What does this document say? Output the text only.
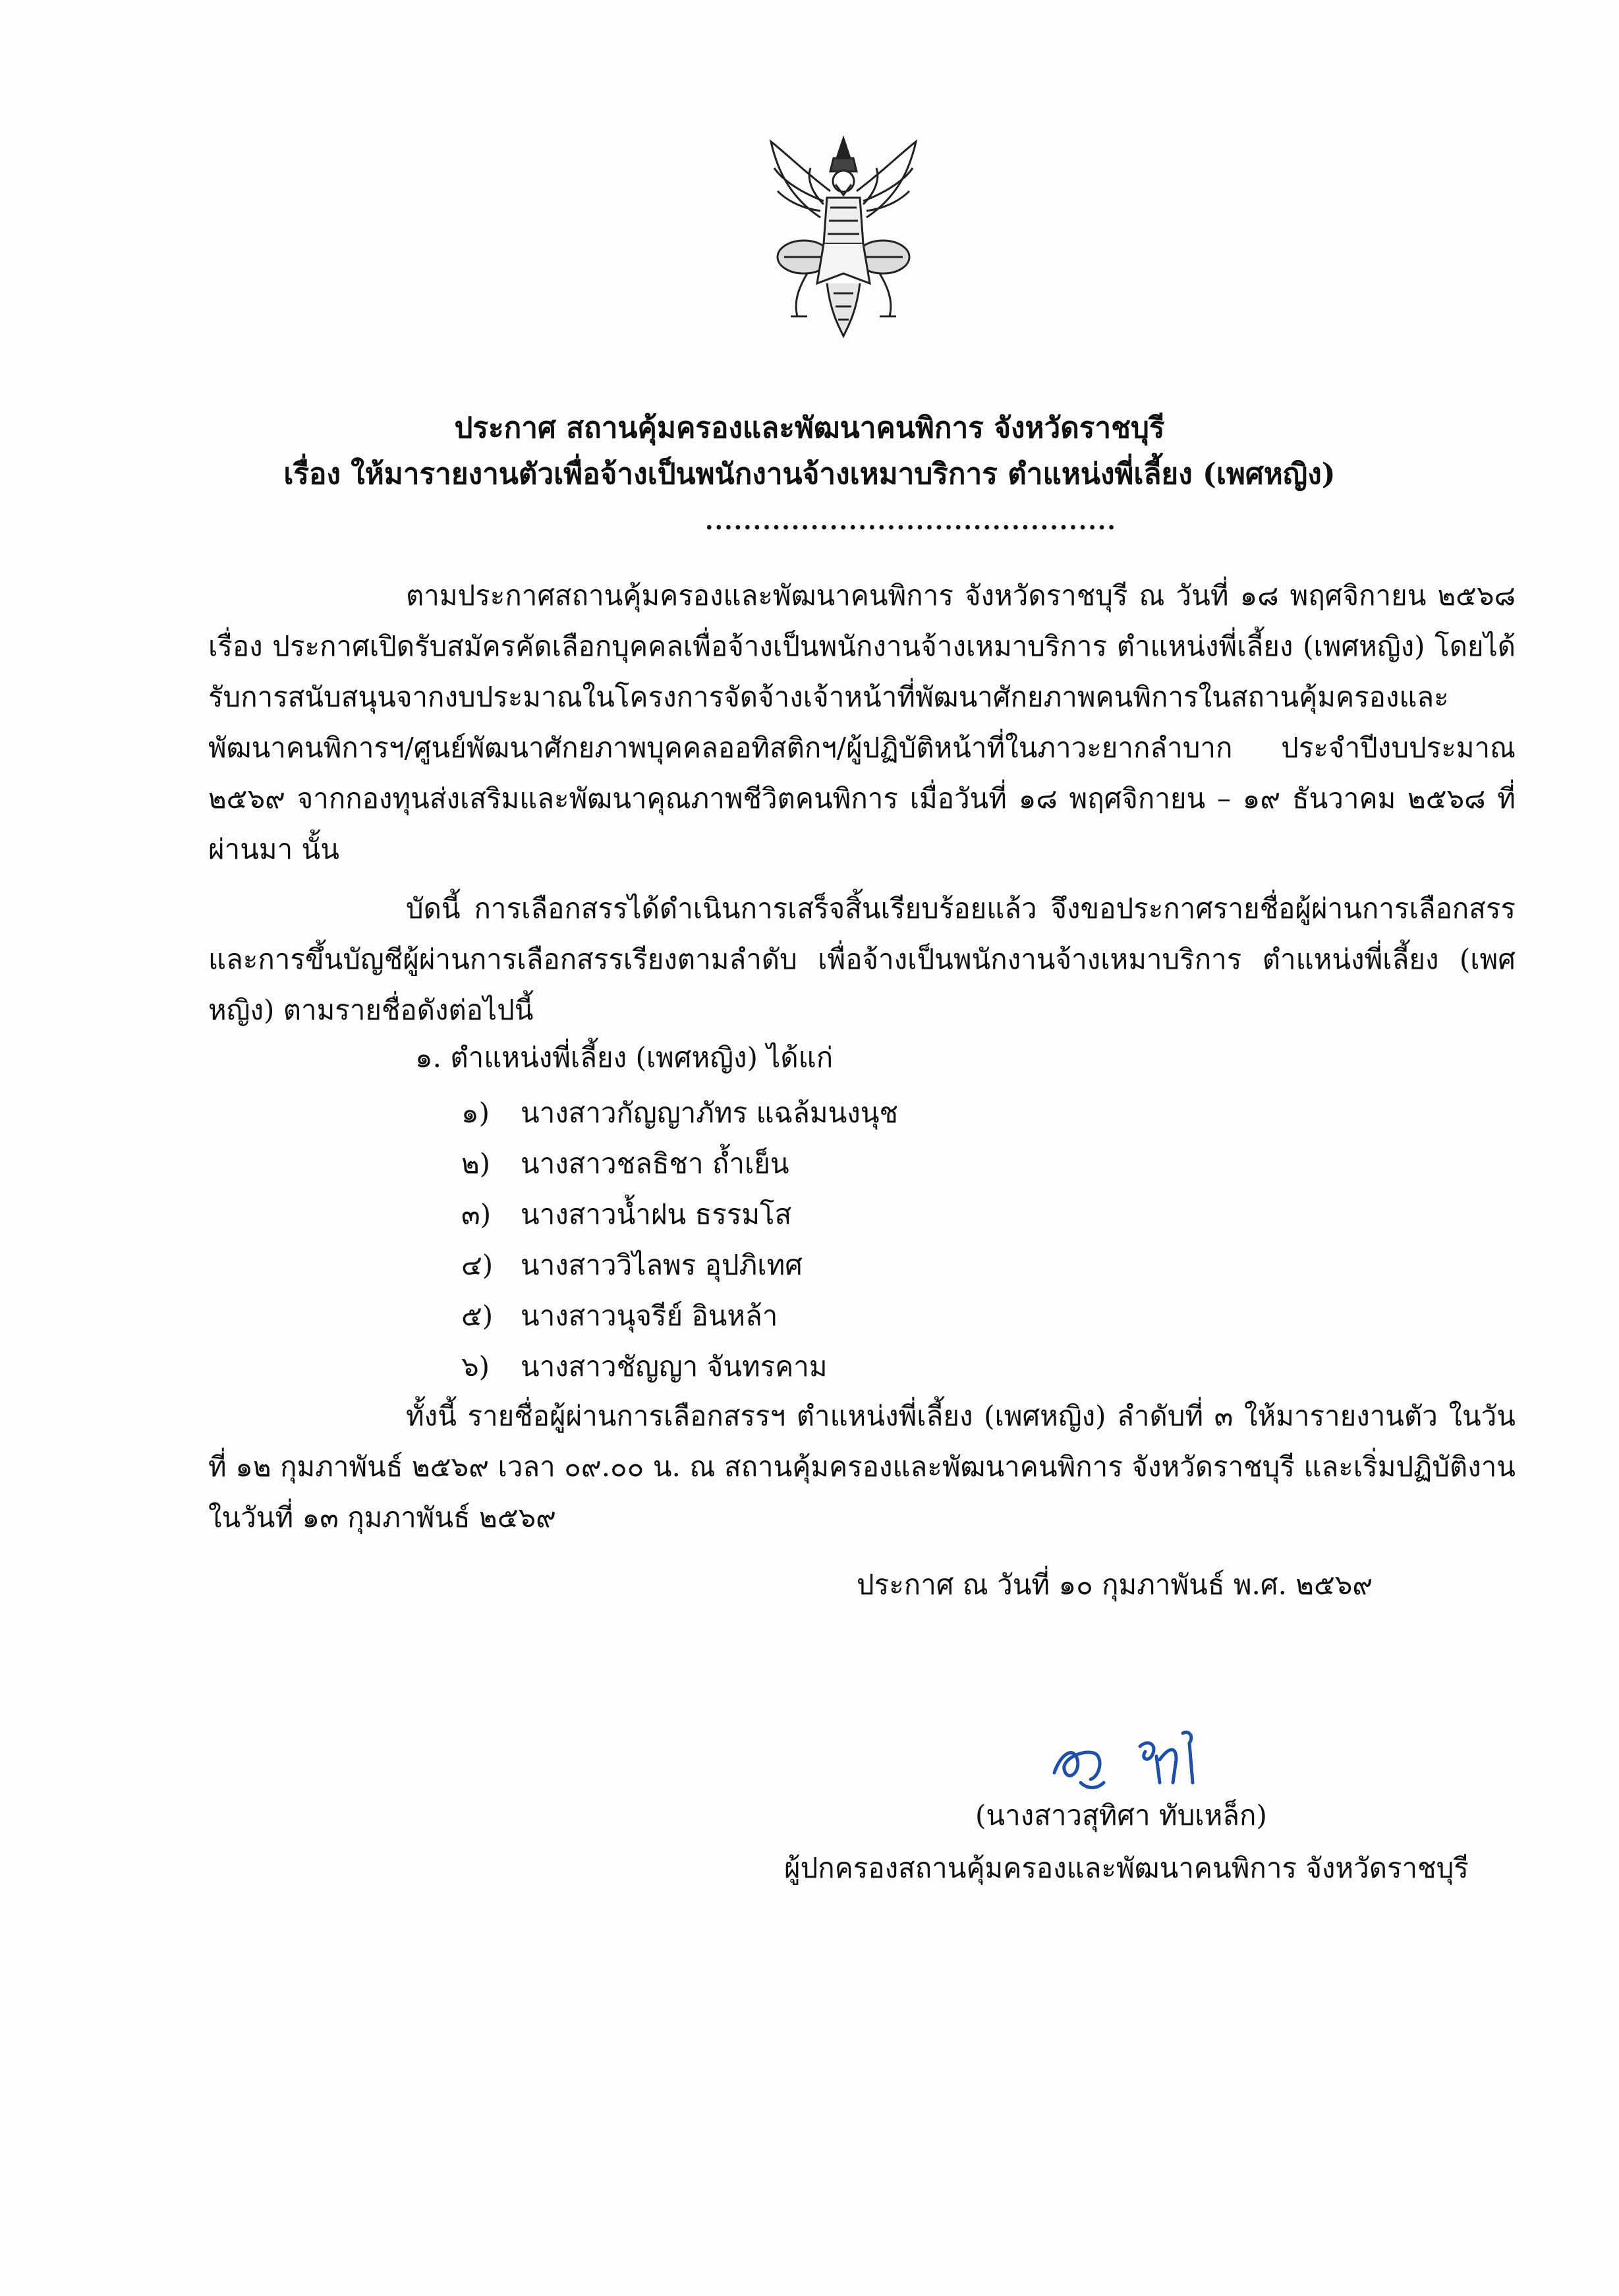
ประกาศ สถานคุ้มครองและพัฒนาคนพิการ จังหวัดราชบุรี
เรื่อง ให้มารายงานตัวเพื่อจ้างเป็นพนักงานจ้างเหมาบริการ ตำแหน่งพี่เลี้ยง (เพศหญิง)
...........................................
ตามประกาศสถานคุ้มครองและพัฒนาคนพิการ จังหวัดราชบุรี ณ วันที่ ๑๘ พฤศจิกายน ๒๕๖๘ เรื่อง ประกาศเปิดรับสมัครคัดเลือกบุคคลเพื่อจ้างเป็นพนักงานจ้างเหมาบริการ ตำแหน่งพี่เลี้ยง (เพศหญิง) โดยได้รับการสนับสนุนจากงบประมาณในโครงการจัดจ้างเจ้าหน้าที่พัฒนาศักยภาพคนพิการในสถานคุ้มครองและพัฒนาคนพิการฯ/ศูนย์พัฒนาศักยภาพบุคคลออทิสติกฯ/ผู้ปฏิบัติหน้าที่ในภาวะยากลำบาก ประจำปีงบประมาณ ๒๕๖๙ จากกองทุนส่งเสริมและพัฒนาคุณภาพชีวิตคนพิการ เมื่อวันที่ ๑๘ พฤศจิกายน – ๑๙ ธันวาคม ๒๕๖๘ ที่ผ่านมา นั้น
บัดนี้ การเลือกสรรได้ดำเนินการเสร็จสิ้นเรียบร้อยแล้ว จึงขอประกาศรายชื่อผู้ผ่านการเลือกสรร และการขึ้นบัญชีผู้ผ่านการเลือกสรรเรียงตามลำดับ เพื่อจ้างเป็นพนักงานจ้างเหมาบริการ ตำแหน่งพี่เลี้ยง (เพศหญิง) ตามรายชื่อดังต่อไปนี้
๑. ตำแหน่งพี่เลี้ยง (เพศหญิง) ได้แก่
๑) นางสาวกัญญาภัทร แฉล้มนงนุช
๒) นางสาวชลธิชา ถ้ำเย็น
๓) นางสาวน้ำฝน ธรรมโส
๔) นางสาววิไลพร อุปภิเทศ
๕) นางสาวนุจรีย์ อินหล้า
๖) นางสาวชัญญา จันทรคาม
ทั้งนี้ รายชื่อผู้ผ่านการเลือกสรรฯ ตำแหน่งพี่เลี้ยง (เพศหญิง) ลำดับที่ ๓ ให้มารายงานตัว ในวันที่ ๑๒ กุมภาพันธ์ ๒๕๖๙ เวลา ๐๙.๐๐ น. ณ สถานคุ้มครองและพัฒนาคนพิการ จังหวัดราชบุรี และเริ่มปฏิบัติงานในวันที่ ๑๓ กุมภาพันธ์ ๒๕๖๙
ประกาศ ณ วันที่ ๑๐ กุมภาพันธ์ พ.ศ. ๒๕๖๙
(นางสาวสุทิศา ทับเหล็ก)
ผู้ปกครองสถานคุ้มครองและพัฒนาคนพิการ จังหวัดราชบุรี
